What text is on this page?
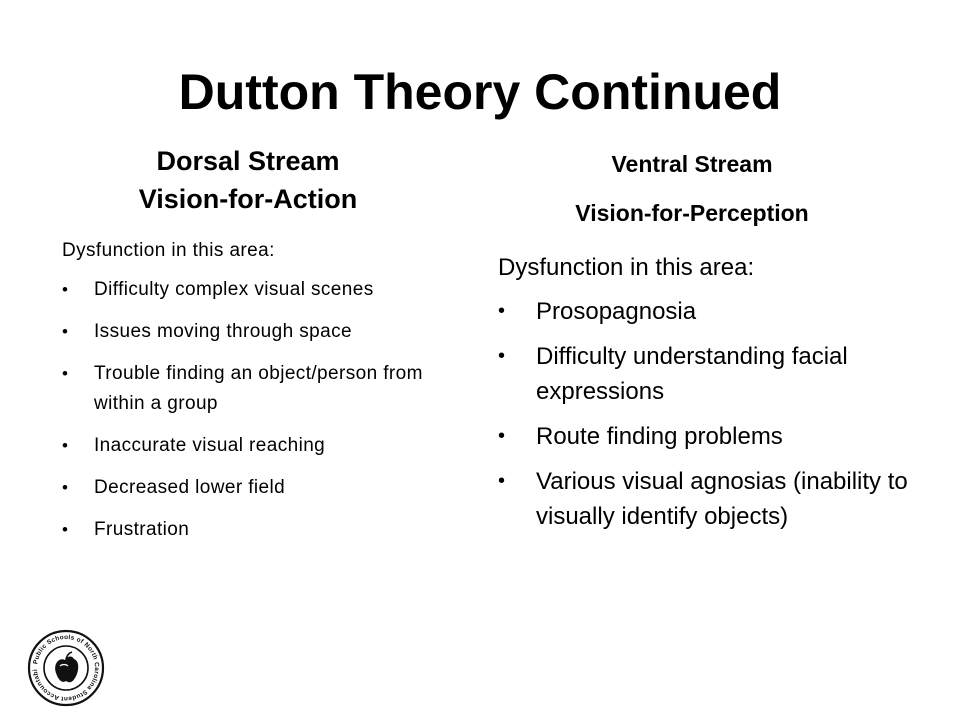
Dutton Theory Continued
Dorsal Stream
Vision-for-Action
Dysfunction in this area:
• Difficulty complex visual scenes
• Issues moving through space
• Trouble finding an object/person from within a group
• Inaccurate visual reaching
• Decreased lower field
• Frustration
Ventral Stream
Vision-for-Perception
Dysfunction in this area:
• Prosopagnosia
• Difficulty understanding facial expressions
• Route finding problems
• Various visual agnosias (inability to visually identify objects)
Public Schools of North Carolina Student Accountabi
